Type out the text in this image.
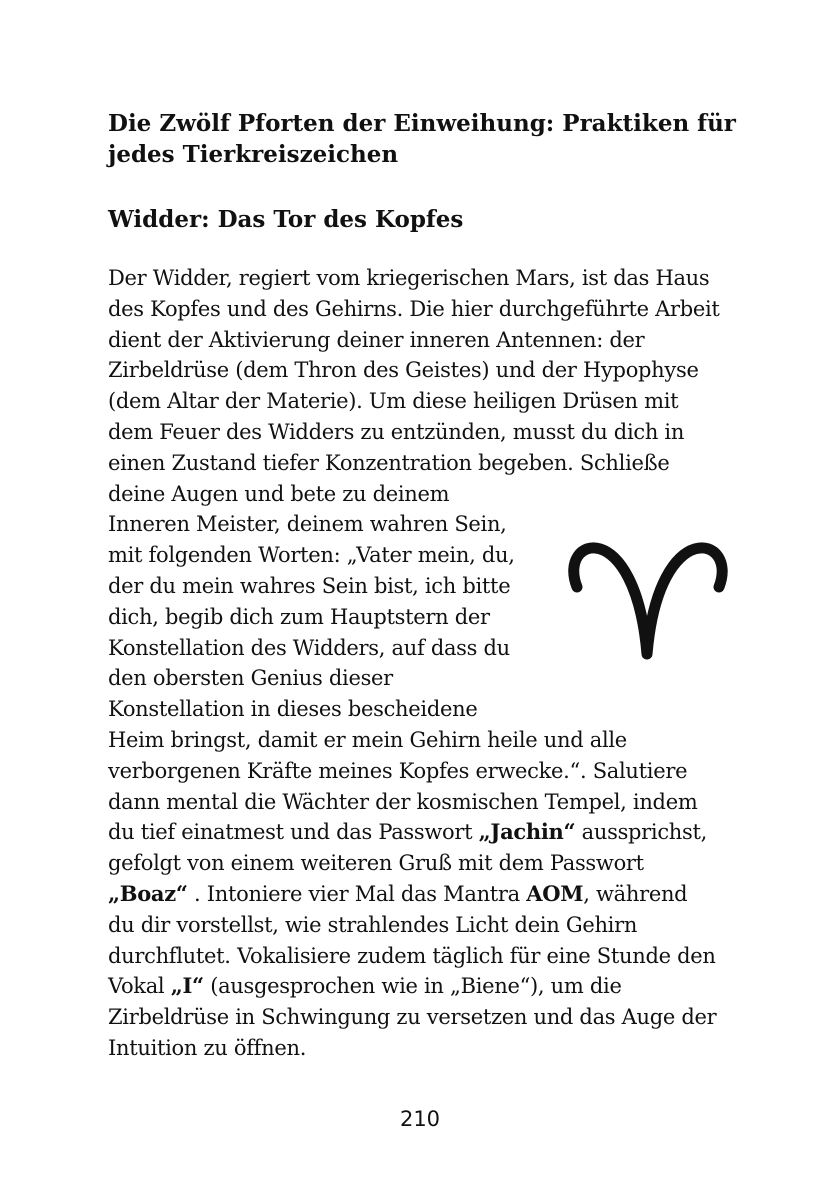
Die Zwölf Pforten der Einweihung: Praktiken für
jedes Tierkreiszeichen
Widder: Das Tor des Kopfes

Der Widder, regiert vom kriegerischen Mars, ist das Haus
des Kopfes und des Gehirns. Die hier durchgeführte Arbeit
dient der Aktivierung deiner inneren Antennen: der
Zirbeldrüse (dem Thron des Geistes) und der Hypophyse
(dem Altar der Materie). Um diese heiligen Drüsen mit
dem Feuer des Widders zu entzünden, musst du dich in
einen Zustand tiefer Konzentration begeben. Schließe
deine Augen und bete zu deinem
Inneren Meister, deinem wahren Sein,
mit folgenden Worten: „Vater mein, du,
der du mein wahres Sein bist, ich bitte
dich, begib dich zum Hauptstern der
Konstellation des Widders, auf dass du
den obersten Genius dieser
Konstellation in dieses bescheidene
Heim bringst, damit er mein Gehirn heile und alle
verborgenen Kräfte meines Kopfes erwecke.“. Salutiere
dann mental die Wächter der kosmischen Tempel, indem
du tief einatmest und das Passwort „Jachin“ aussprichst,
gefolgt von einem weiteren Gruß mit dem Passwort
„Boaz“ . Intoniere vier Mal das Mantra AOM, während
du dir vorstellst, wie strahlendes Licht dein Gehirn
durchflutet. Vokalisiere zudem täglich für eine Stunde den
Vokal „I“ (ausgesprochen wie in „Biene“), um die
Zirbeldrüse in Schwingung zu versetzen und das Auge der
Intuition zu öffnen.

210
